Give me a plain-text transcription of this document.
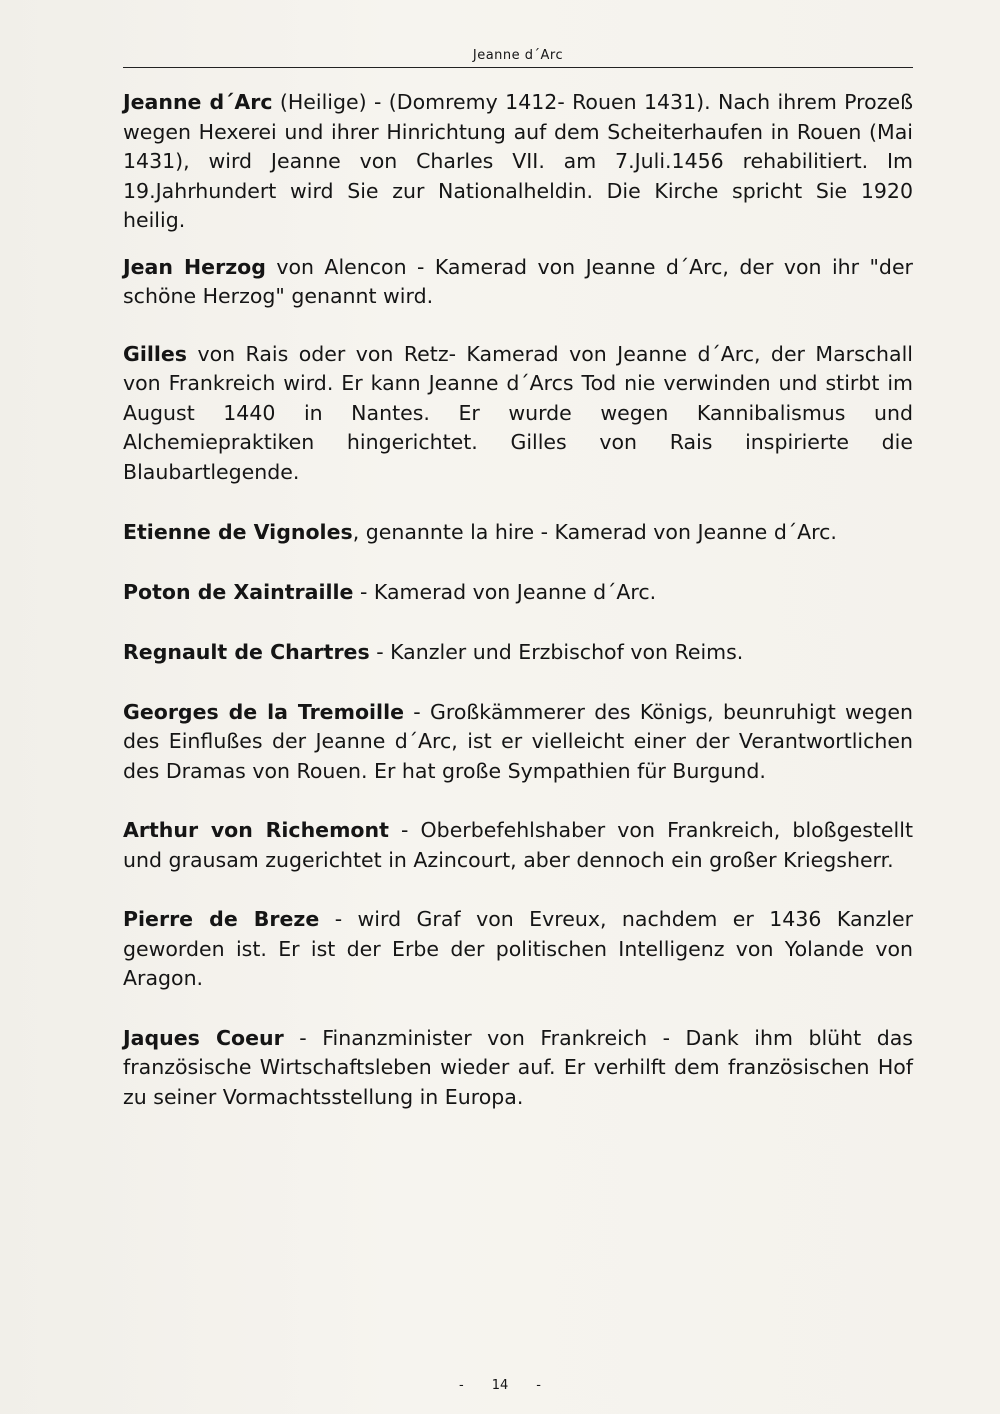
Jeanne d´Arc

Jeanne d´Arc (Heilige) - (Domremy 1412- Rouen 1431). Nach ihrem Prozeß wegen Hexerei und ihrer Hinrichtung auf dem Scheiterhaufen in Rouen (Mai 1431), wird Jeanne von Charles VII. am 7.Juli.1456 rehabilitiert. Im 19.Jahrhundert wird Sie zur Nationalheldin. Die Kirche spricht Sie 1920 heilig.

Jean Herzog von Alencon - Kamerad von Jeanne d´Arc, der von ihr "der schöne Herzog" genannt wird.

Gilles von Rais oder von Retz- Kamerad von Jeanne d´Arc, der Marschall von Frankreich wird. Er kann Jeanne d´Arcs Tod nie verwinden und stirbt im August 1440 in Nantes. Er wurde wegen Kannibalismus und Alchemiepraktiken hingerichtet. Gilles von Rais inspirierte die Blaubartlegende.

Etienne de Vignoles, genannte la hire - Kamerad von Jeanne d´Arc.

Poton de Xaintraille - Kamerad von Jeanne d´Arc.

Regnault de Chartres - Kanzler und Erzbischof von Reims.

Georges de la Tremoille - Großkämmerer des Königs, beunruhigt wegen des Einflußes der Jeanne d´Arc, ist er vielleicht einer der Verantwortlichen des Dramas von Rouen. Er hat große Sympathien für Burgund.

Arthur von Richemont - Oberbefehlshaber von Frankreich, bloßgestellt und grausam zugerichtet in Azincourt, aber dennoch ein großer Kriegsherr.

Pierre de Breze - wird Graf von Evreux, nachdem er 1436 Kanzler geworden ist. Er ist der Erbe der politischen Intelligenz von Yolande von Aragon.

Jaques Coeur - Finanzminister von Frankreich - Dank ihm blüht das französische Wirtschaftsleben wieder auf. Er verhilft dem französischen Hof zu seiner Vormachtsstellung in Europa.

- 14 -
